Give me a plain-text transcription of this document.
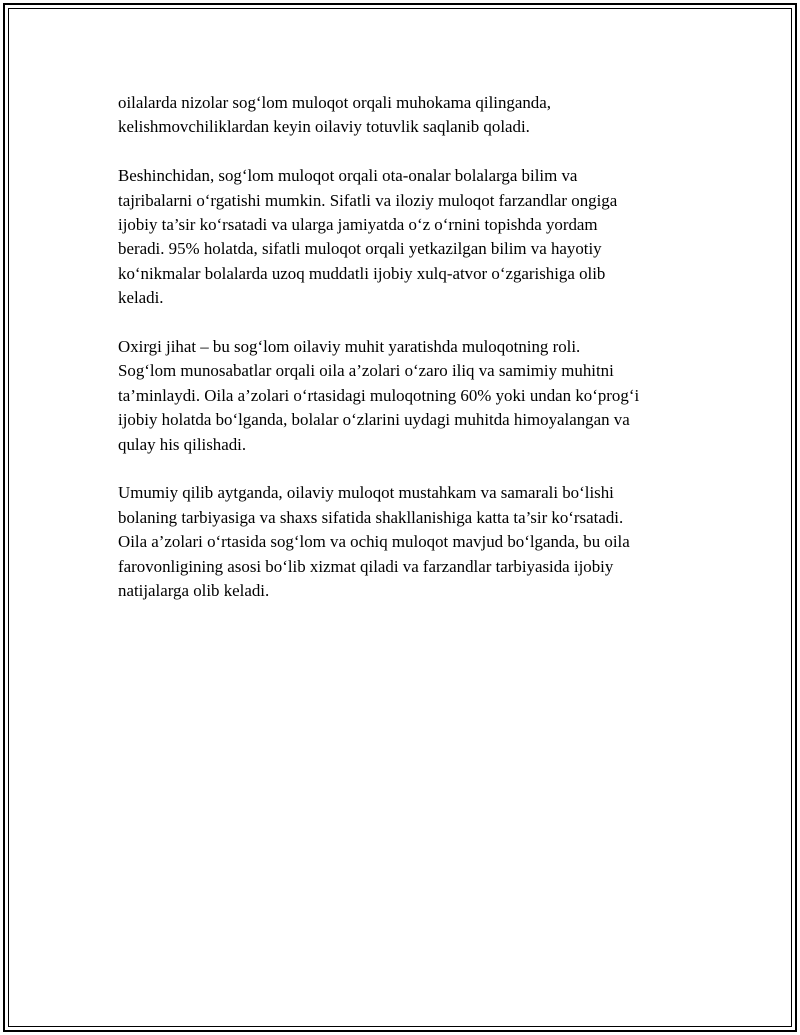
oilalarda nizolar sog‘lom muloqot orqali muhokama qilinganda,
kelishmovchiliklardan keyin oilaviy totuvlik saqlanib qoladi.

Beshinchidan, sog‘lom muloqot orqali ota-onalar bolalarga bilim va
tajribalarni o‘rgatishi mumkin. Sifatli va iloziy muloqot farzandlar ongiga
ijobiy ta’sir ko‘rsatadi va ularga jamiyatda o‘z o‘rnini topishda yordam
beradi. 95% holatda, sifatli muloqot orqali yetkazilgan bilim va hayotiy
ko‘nikmalar bolalarda uzoq muddatli ijobiy xulq-atvor o‘zgarishiga olib
keladi.

Oxirgi jihat – bu sog‘lom oilaviy muhit yaratishda muloqotning roli.
Sog‘lom munosabatlar orqali oila a’zolari o‘zaro iliq va samimiy muhitni
ta’minlaydi. Oila a’zolari o‘rtasidagi muloqotning 60% yoki undan ko‘prog‘i
ijobiy holatda bo‘lganda, bolalar o‘zlarini uydagi muhitda himoyalangan va
qulay his qilishadi.

Umumiy qilib aytganda, oilaviy muloqot mustahkam va samarali bo‘lishi
bolaning tarbiyasiga va shaxs sifatida shakllanishiga katta ta’sir ko‘rsatadi.
Oila a’zolari o‘rtasida sog‘lom va ochiq muloqot mavjud bo‘lganda, bu oila
farovonligining asosi bo‘lib xizmat qiladi va farzandlar tarbiyasida ijobiy
natijalarga olib keladi.
